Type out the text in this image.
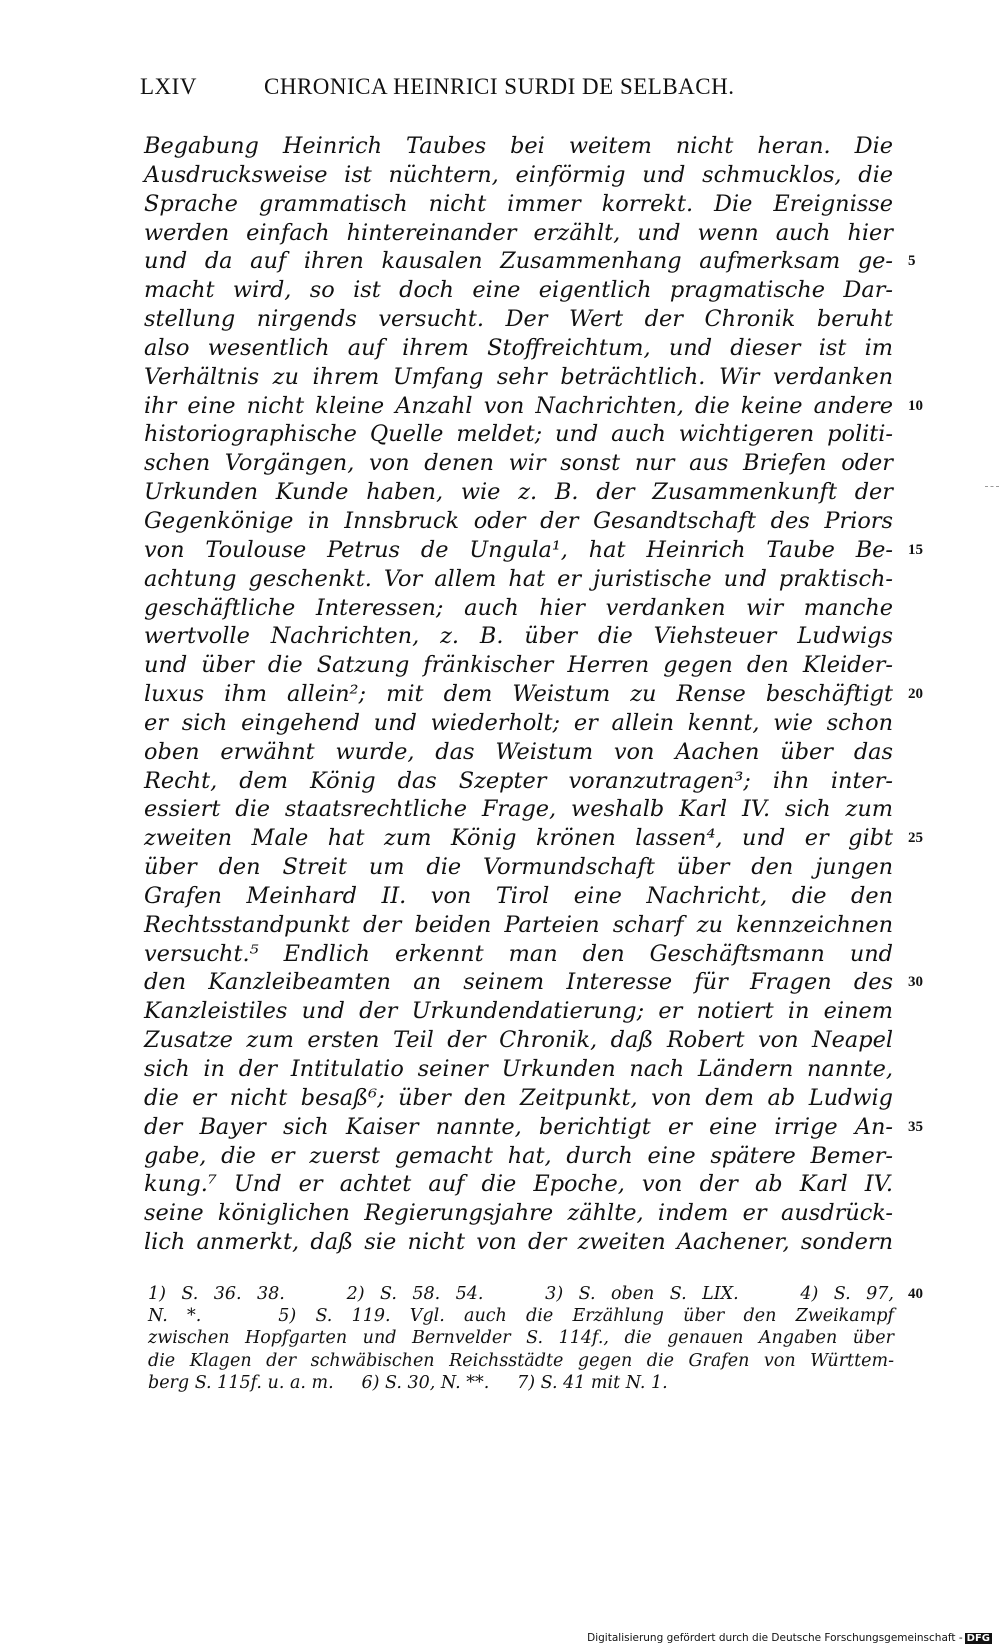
LXIV	CHRONICA HEINRICI SURDI DE SELBACH.
Begabung Heinrich Taubes bei weitem nicht heran. Die
Ausdrucksweise ist nüchtern, einförmig und schmucklos, die
Sprache grammatisch nicht immer korrekt. Die Ereignisse
werden einfach hintereinander erzählt, und wenn auch hier
und da auf ihren kausalen Zusammenhang aufmerksam ge- 5
macht wird, so ist doch eine eigentlich pragmatische Dar-
stellung nirgends versucht. Der Wert der Chronik beruht
also wesentlich auf ihrem Stoffreichtum, und dieser ist im
Verhältnis zu ihrem Umfang sehr beträchtlich. Wir verdanken
ihr eine nicht kleine Anzahl von Nachrichten, die keine andere 10
historiographische Quelle meldet; und auch wichtigeren politi-
schen Vorgängen, von denen wir sonst nur aus Briefen oder
Urkunden Kunde haben, wie z. B. der Zusammenkunft der
Gegenkönige in Innsbruck oder der Gesandtschaft des Priors
von Toulouse Petrus de Ungula¹, hat Heinrich Taube Be- 15
achtung geschenkt. Vor allem hat er juristische und praktisch-
geschäftliche Interessen; auch hier verdanken wir manche
wertvolle Nachrichten, z. B. über die Viehsteuer Ludwigs
und über die Satzung fränkischer Herren gegen den Kleider-
luxus ihm allein²; mit dem Weistum zu Rense beschäftigt 20
er sich eingehend und wiederholt; er allein kennt, wie schon
oben erwähnt wurde, das Weistum von Aachen über das
Recht, dem König das Szepter voranzutragen³; ihn inter-
essiert die staatsrechtliche Frage, weshalb Karl IV. sich zum
zweiten Male hat zum König krönen lassen⁴, und er gibt 25
über den Streit um die Vormundschaft über den jungen
Grafen Meinhard II. von Tirol eine Nachricht, die den
Rechtsstandpunkt der beiden Parteien scharf zu kennzeichnen
versucht.⁵ Endlich erkennt man den Geschäftsmann und
den Kanzleibeamten an seinem Interesse für Fragen des 30
Kanzleistiles und der Urkundendatierung; er notiert in einem
Zusatze zum ersten Teil der Chronik, daß Robert von Neapel
sich in der Intitulatio seiner Urkunden nach Ländern nannte,
die er nicht besaß⁶; über den Zeitpunkt, von dem ab Ludwig
der Bayer sich Kaiser nannte, berichtigt er eine irrige An- 35
gabe, die er zuerst gemacht hat, durch eine spätere Bemer-
kung.⁷ Und er achtet auf die Epoche, von der ab Karl IV.
seine königlichen Regierungsjahre zählte, indem er ausdrück-
lich anmerkt, daß sie nicht von der zweiten Aachener, sondern
1) S. 36. 38.    2) S. 58. 54.    3) S. oben S. LIX.    4) S. 97, 40
N. *.    5) S. 119. Vgl. auch die Erzählung über den Zweikampf
zwischen Hopfgarten und Bernvelder S. 114f., die genauen Angaben über
die Klagen der schwäbischen Reichsstädte gegen die Grafen von Württem-
berg S. 115f. u. a. m.     6) S. 30, N. **.     7) S. 41 mit N. 1.
Digitalisierung gefördert durch die Deutsche Forschungsgemeinschaft - DFG
